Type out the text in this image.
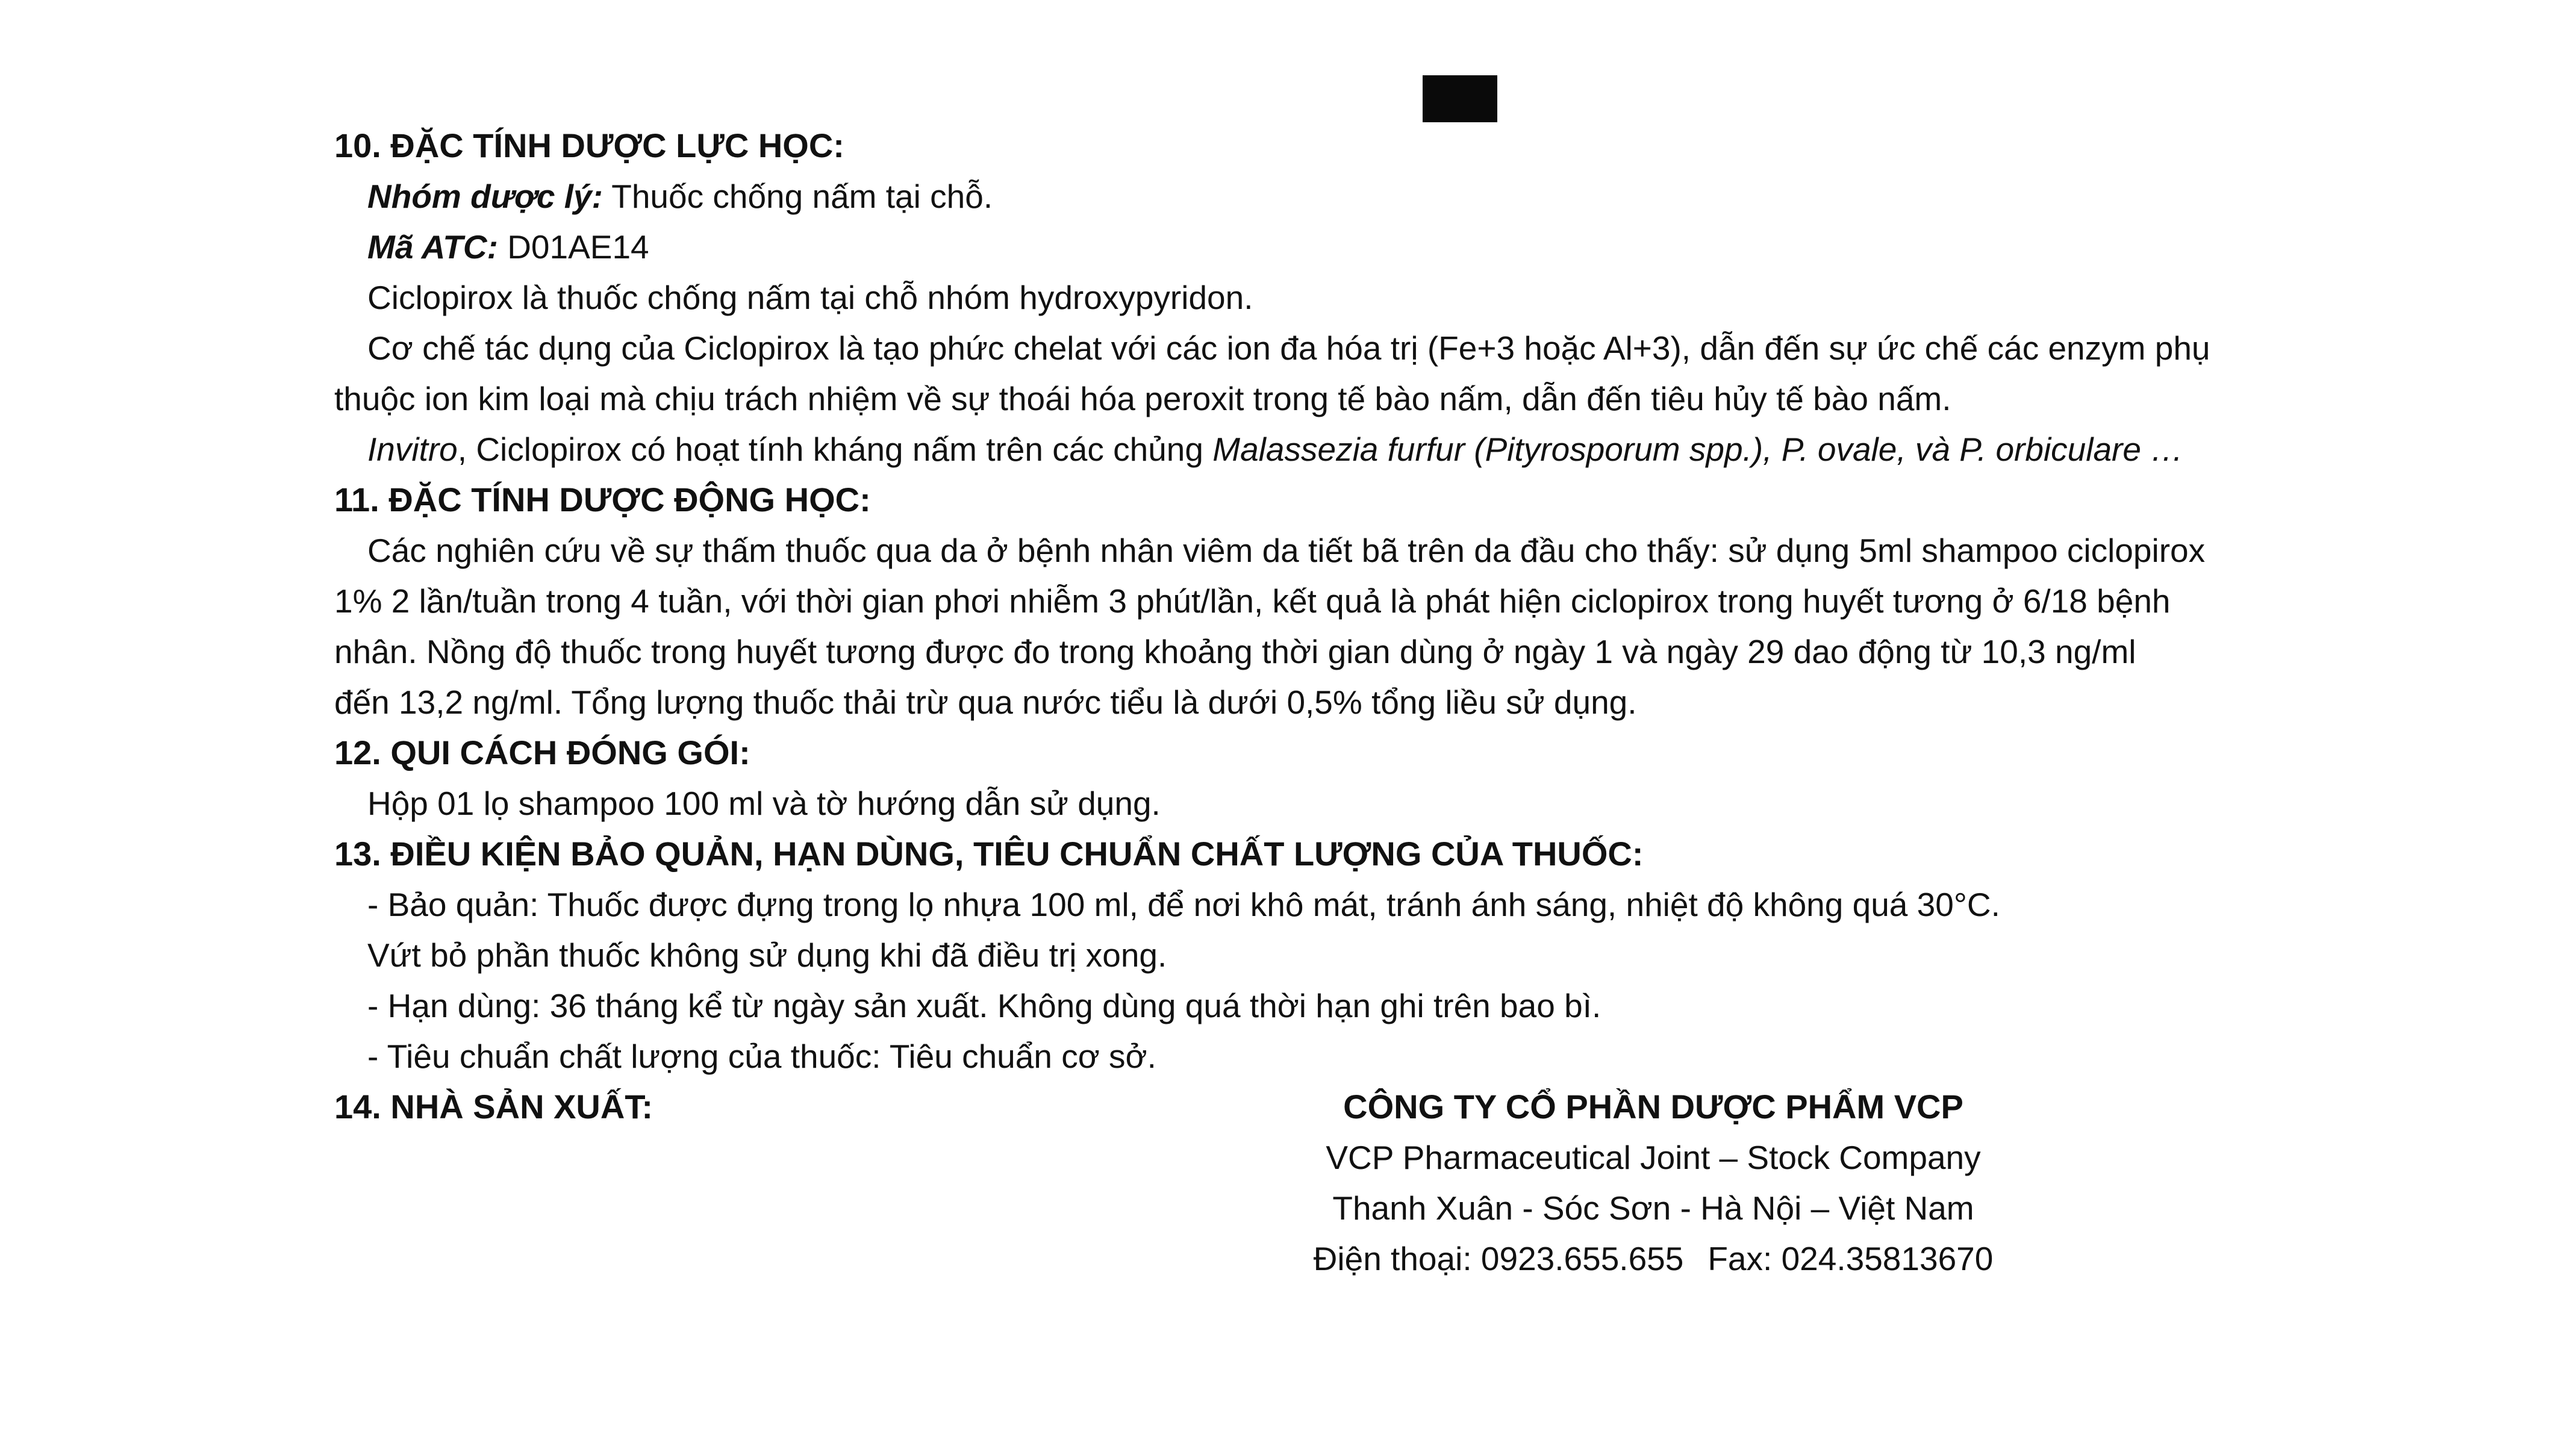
10. ĐẶC TÍNH DƯỢC LỰC HỌC:
Nhóm dược lý: Thuốc chống nấm tại chỗ.
Mã ATC: D01AE14
Ciclopirox là thuốc chống nấm tại chỗ nhóm hydroxypyridon.
Cơ chế tác dụng của Ciclopirox là tạo phức chelat với các ion đa hóa trị (Fe+3 hoặc Al+3), dẫn đến sự ức chế các enzym phụ
thuộc ion kim loại mà chịu trách nhiệm về sự thoái hóa peroxit trong tế bào nấm, dẫn đến tiêu hủy tế bào nấm.
Invitro, Ciclopirox có hoạt tính kháng nấm trên các chủng Malassezia furfur (Pityrosporum spp.), P. ovale, và P. orbiculare …
11. ĐẶC TÍNH DƯỢC ĐỘNG HỌC:
Các nghiên cứu về sự thấm thuốc qua da ở bệnh nhân viêm da tiết bã trên da đầu cho thấy: sử dụng 5ml shampoo ciclopirox
1% 2 lần/tuần trong 4 tuần, với thời gian phơi nhiễm 3 phút/lần, kết quả là phát hiện ciclopirox trong huyết tương ở 6/18 bệnh
nhân. Nồng độ thuốc trong huyết tương được đo trong khoảng thời gian dùng ở ngày 1 và ngày 29 dao động từ 10,3 ng/ml
đến 13,2 ng/ml. Tổng lượng thuốc thải trừ qua nước tiểu là dưới 0,5% tổng liều sử dụng.
12. QUI CÁCH ĐÓNG GÓI:
Hộp 01 lọ shampoo 100 ml và tờ hướng dẫn sử dụng.
13. ĐIỀU KIỆN BẢO QUẢN, HẠN DÙNG, TIÊU CHUẨN CHẤT LƯỢNG CỦA THUỐC:
- Bảo quản: Thuốc được đựng trong lọ nhựa 100 ml, để nơi khô mát, tránh ánh sáng, nhiệt độ không quá 30°C.
Vứt bỏ phần thuốc không sử dụng khi đã điều trị xong.
- Hạn dùng: 36 tháng kể từ ngày sản xuất. Không dùng quá thời hạn ghi trên bao bì.
- Tiêu chuẩn chất lượng của thuốc: Tiêu chuẩn cơ sở.
14. NHÀ SẢN XUẤT:	CÔNG TY CỔ PHẦN DƯỢC PHẨM VCP
VCP Pharmaceutical Joint – Stock Company
Thanh Xuân - Sóc Sơn - Hà Nội – Việt Nam
Điện thoại: 0923.655.655 Fax: 024.35813670
